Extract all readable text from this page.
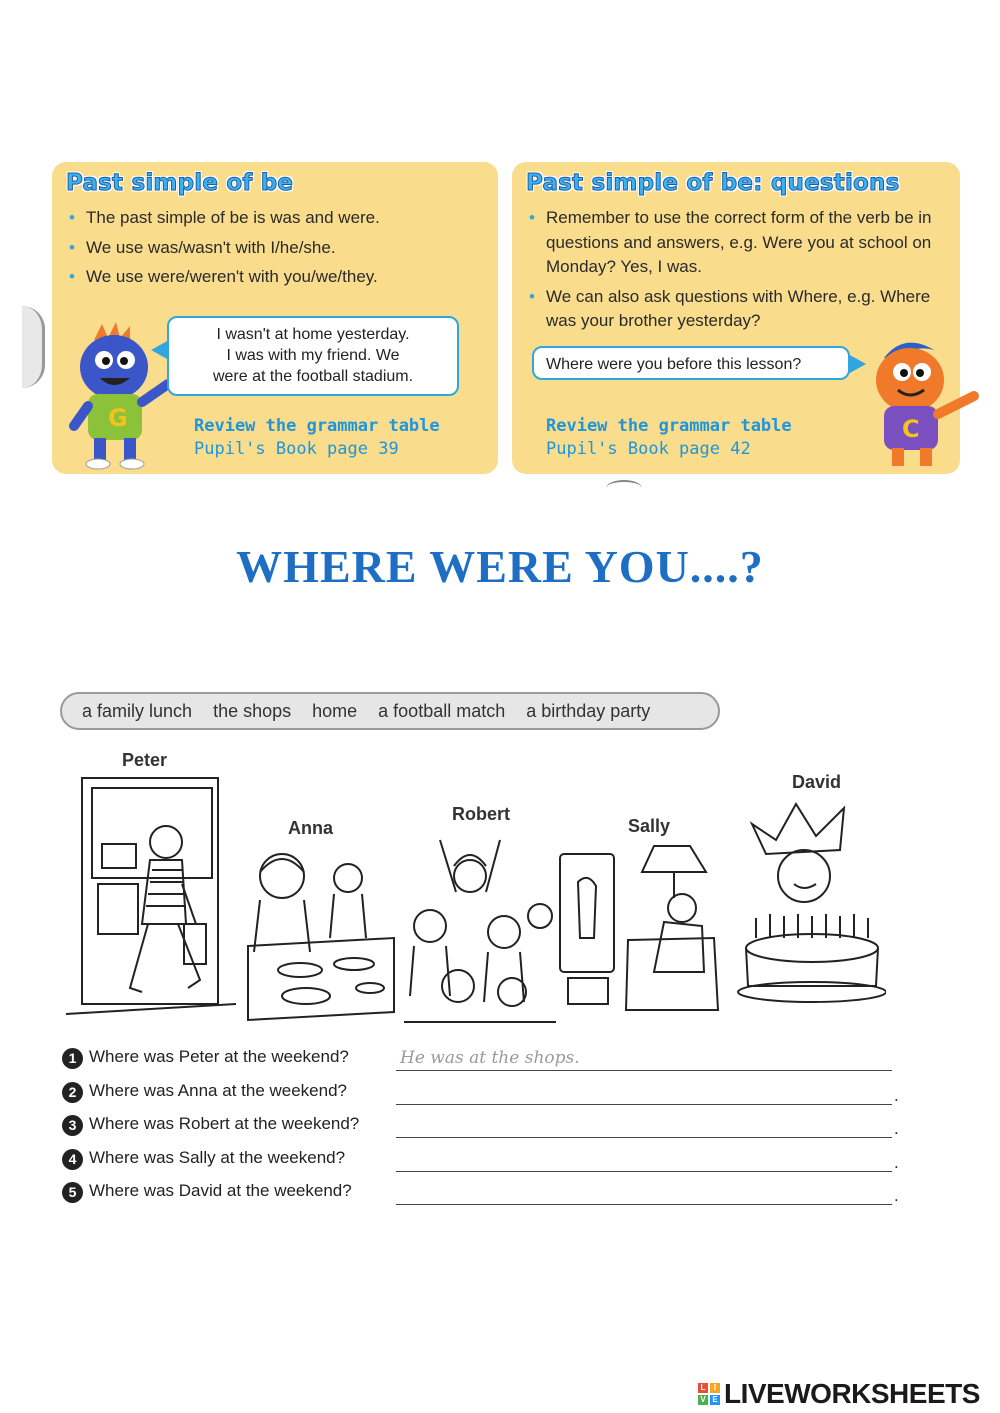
Past simple of be
• The past simple of be is was and were.
• We use was/wasn't with I/he/she.
• We use were/weren't with you/we/they.
G
I wasn't at home yesterday.
I was with my friend. We
were at the football stadium.
Review the grammar table
Pupil's Book page 39
Past simple of be: questions
• Remember to use the correct form of the verb be in questions and answers, e.g. Were you at school on Monday? Yes, I was.
• We can also ask questions with Where, e.g. Where was your brother yesterday?
Where were you before this lesson?
C
Review the grammar table
Pupil's Book page 42
WHERE WERE YOU....?
a family lunch the shops home a football match a birthday party
Peter
Anna
Robert
Sally
David
1 Where was Peter at the weekend?	He was at the shops.
2 Where was Anna at the weekend?	.
3 Where was Robert at the weekend?	.
4 Where was Sally at the weekend?	.
5 Where was David at the weekend?	.
L	I
V E LIVEWORKSHEETS
